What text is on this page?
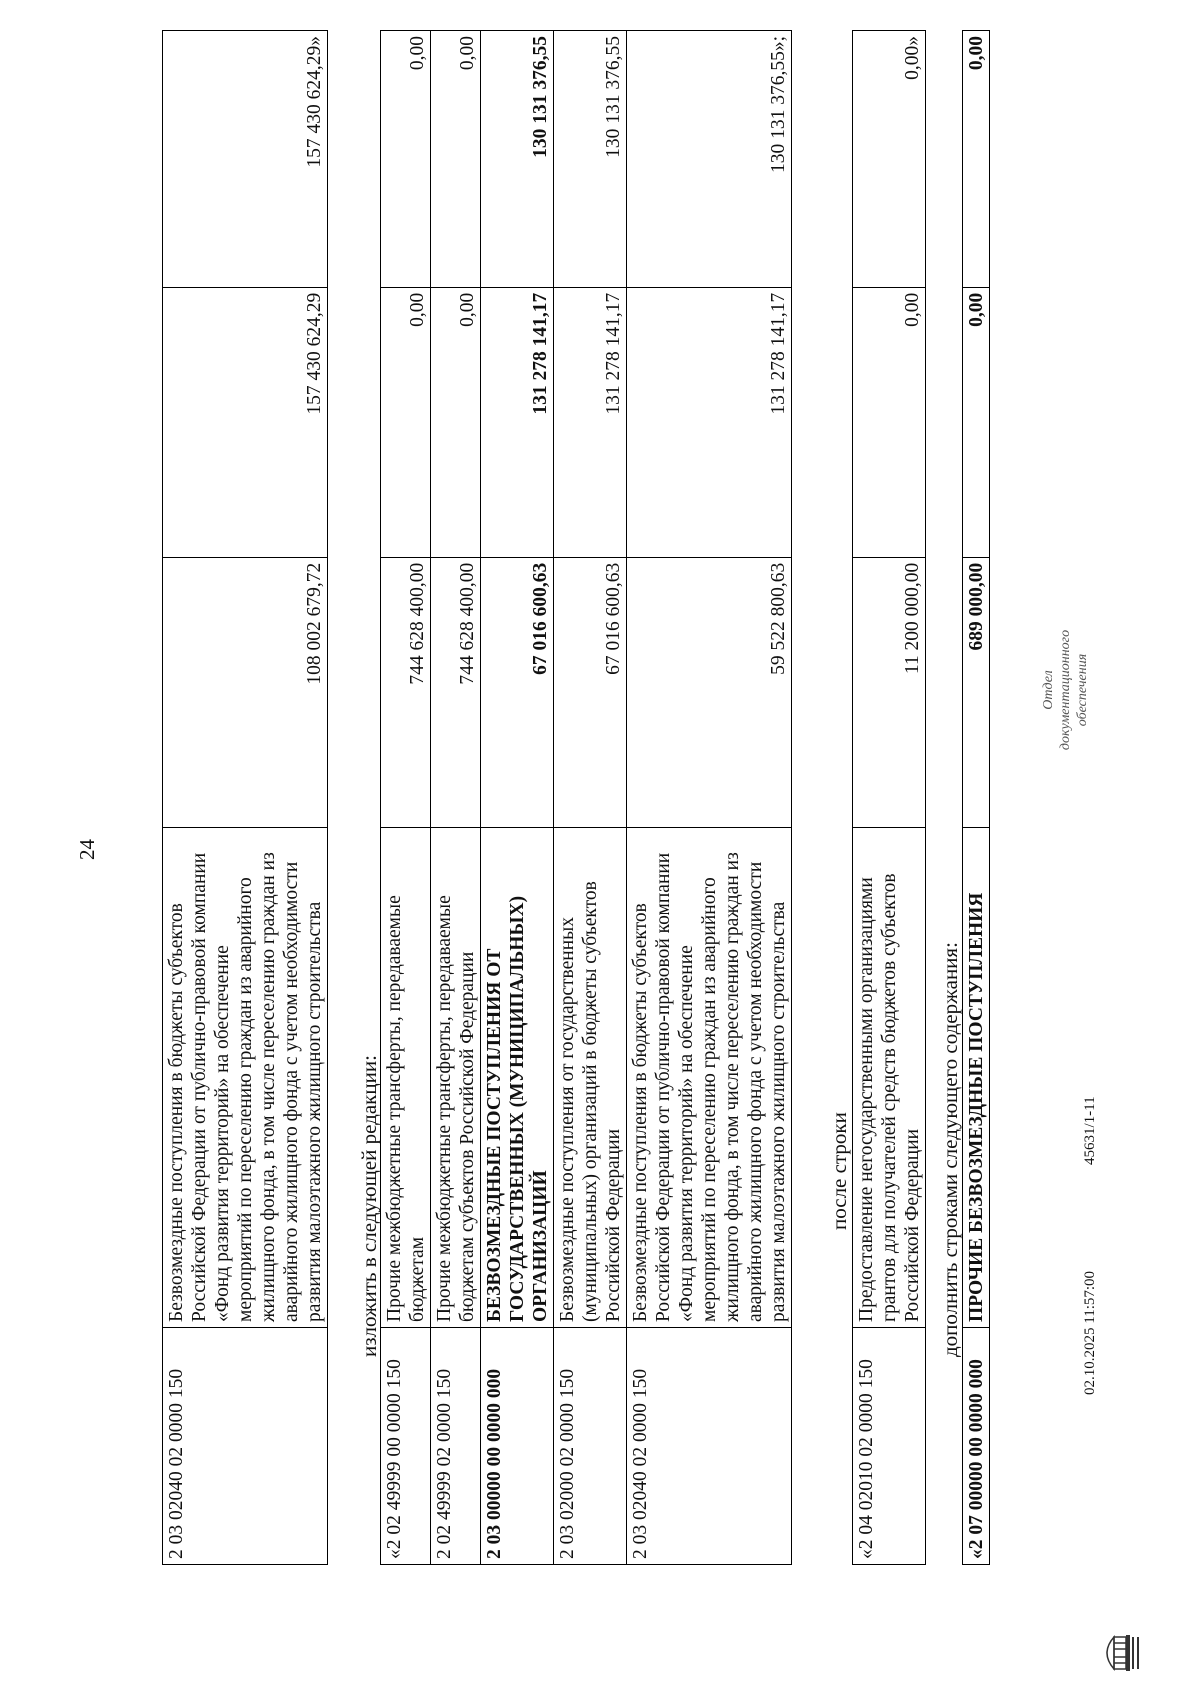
24
2 03 02040 02 0000 150	Безвозмездные поступления в бюджеты субъектов Российской Федерации от публично-правовой компании «Фонд развития территорий» на обеспечение мероприятий по переселению граждан из аварийного жилищного фонда, в том числе переселению граждан из аварийного жилищного фонда с учетом необходимости развития малоэтажного жилищного строительства	108 002 679,72	157 430 624,29	157 430 624,29»
изложить в следующей редакции:
«2 02 49999 00 0000 150	Прочие межбюджетные трансферты, передаваемые бюджетам	744 628 400,00	0,00	0,00
2 02 49999 02 0000 150	Прочие межбюджетные трансферты, передаваемые бюджетам субъектов Российской Федерации	744 628 400,00	0,00	0,00
2 03 00000 00 0000 000	БЕЗВОЗМЕЗДНЫЕ ПОСТУПЛЕНИЯ ОТ ГОСУДАРСТВЕННЫХ (МУНИЦИПАЛЬНЫХ) ОРГАНИЗАЦИЙ	67 016 600,63	131 278 141,17	130 131 376,55
2 03 02000 02 0000 150	Безвозмездные поступления от государственных (муниципальных) организаций в бюджеты субъектов Российской Федерации	67 016 600,63	131 278 141,17	130 131 376,55
2 03 02040 02 0000 150	Безвозмездные поступления в бюджеты субъектов Российской Федерации от публично-правовой компании «Фонд развития территорий» на обеспечение мероприятий по переселению граждан из аварийного жилищного фонда, в том числе переселению граждан из аварийного жилищного фонда с учетом необходимости развития малоэтажного жилищного строительства	59 522 800,63	131 278 141,17	130 131 376,55»;
после строки
«2 04 02010 02 0000 150	Предоставление негосударственными организациями грантов для получателей средств бюджетов субъектов Российской Федерации	11 200 000,00	0,00	0,00»
дополнить строками следующего содержания:
«2 07 00000 00 0000 000	ПРОЧИЕ БЕЗВОЗМЕЗДНЫЕ ПОСТУПЛЕНИЯ	689 000,00	0,00	0,00
02.10.2025 11:57:00
45631/1-11
Отдел документационного обеспечения
